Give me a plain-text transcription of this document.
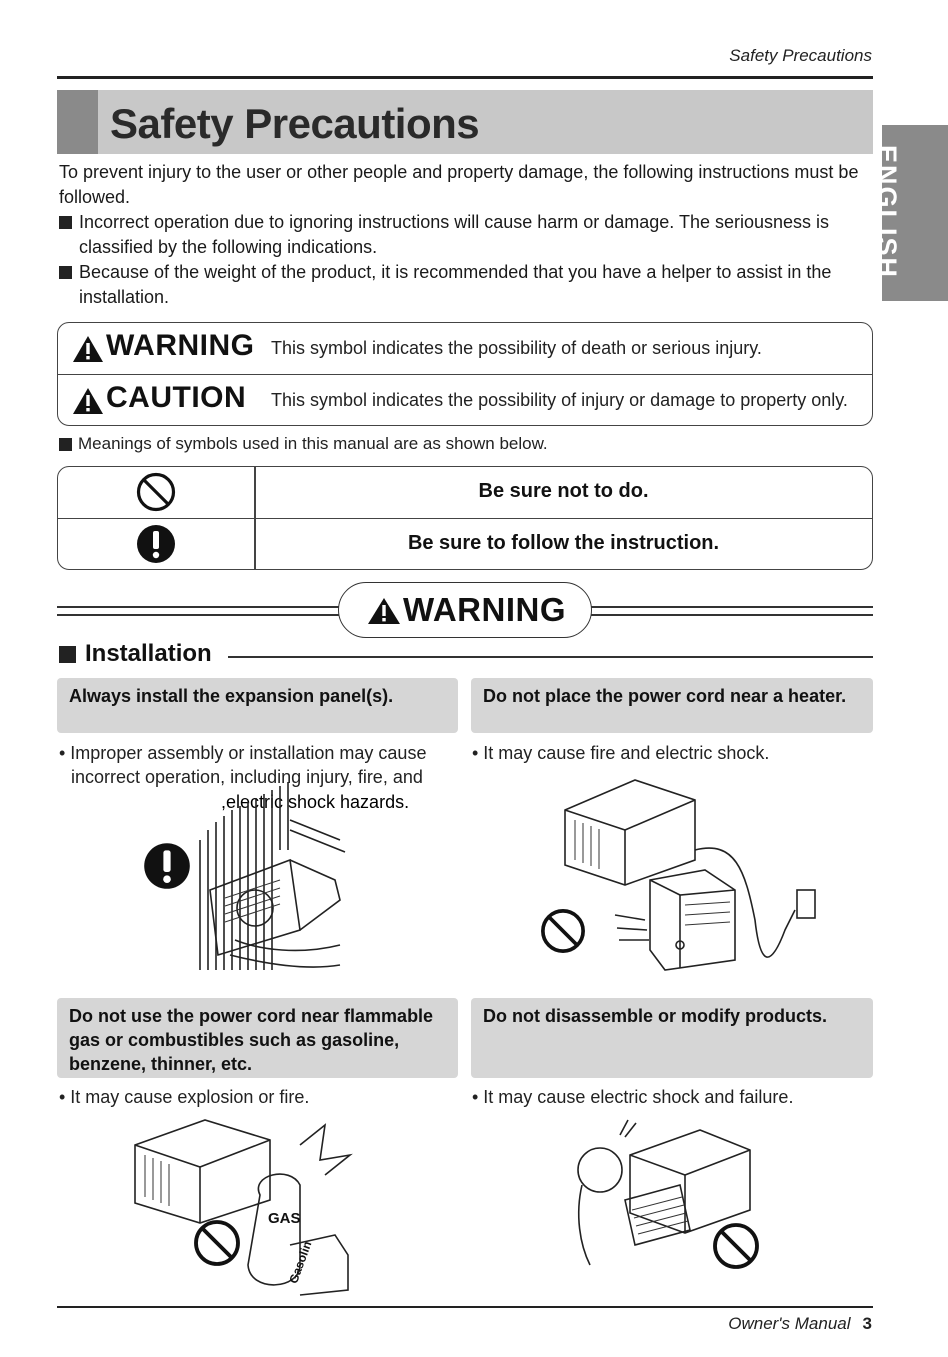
Safety Precautions
Safety Precautions
ENGLISH

To prevent injury to the user or other people and property damage, the following instructions must be followed.

Incorrect operation due to ignoring instructions will cause harm or damage. The seriousness is classified by the following indications.

Because of the weight of the product, it is recommended that you have a helper to assist in the installation.

WARNING This symbol indicates the possibility of death or serious injury.
CAUTION This symbol indicates the possibility of injury or damage to property only.
Meanings of symbols used in this manual are as shown below.
Be sure not to do.
Be sure to follow the instruction.
WARNING
Installation
Always install the expansion panel(s).
• Improper assembly or installation may cause incorrect operation, including injury, fire, and
,electric shock hazards.
Do not place the power cord near a heater.
• It may cause fire and electric shock.
Do not use the power cord near flammable gas or combustibles such as gasoline, benzene, thinner, etc.
• It may cause explosion or fire.
GAS
Gasolin
Do not disassemble or modify products.
• It may cause electric shock and failure.
Owner's Manual 3
